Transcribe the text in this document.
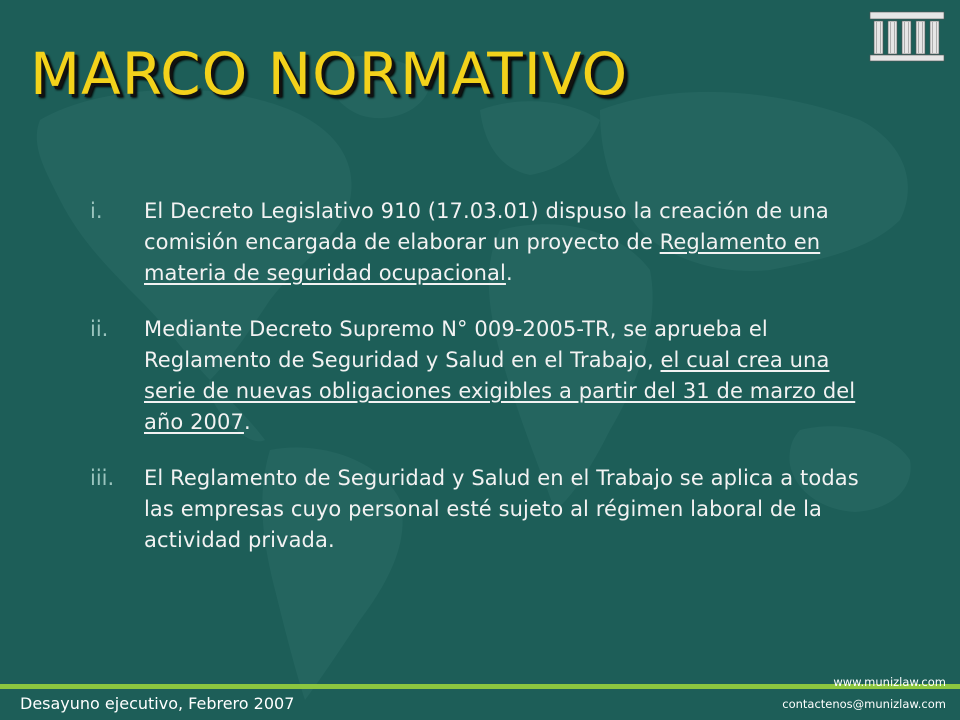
MARCO NORMATIVO
i. El Decreto Legislativo 910 (17.03.01) dispuso la creación de una comisión encargada de elaborar un proyecto de Reglamento en materia de seguridad ocupacional.
ii. Mediante Decreto Supremo N° 009-2005-TR, se aprueba el Reglamento de Seguridad y Salud en el Trabajo, el cual crea una serie de nuevas obligaciones exigibles a partir del 31 de marzo del año 2007.
iii. El Reglamento de Seguridad y Salud en el Trabajo se aplica a todas las empresas cuyo personal esté sujeto al régimen laboral de la actividad privada.
Desayuno ejecutivo, Febrero 2007
www.munizlaw.com
contactenos@munizlaw.com
